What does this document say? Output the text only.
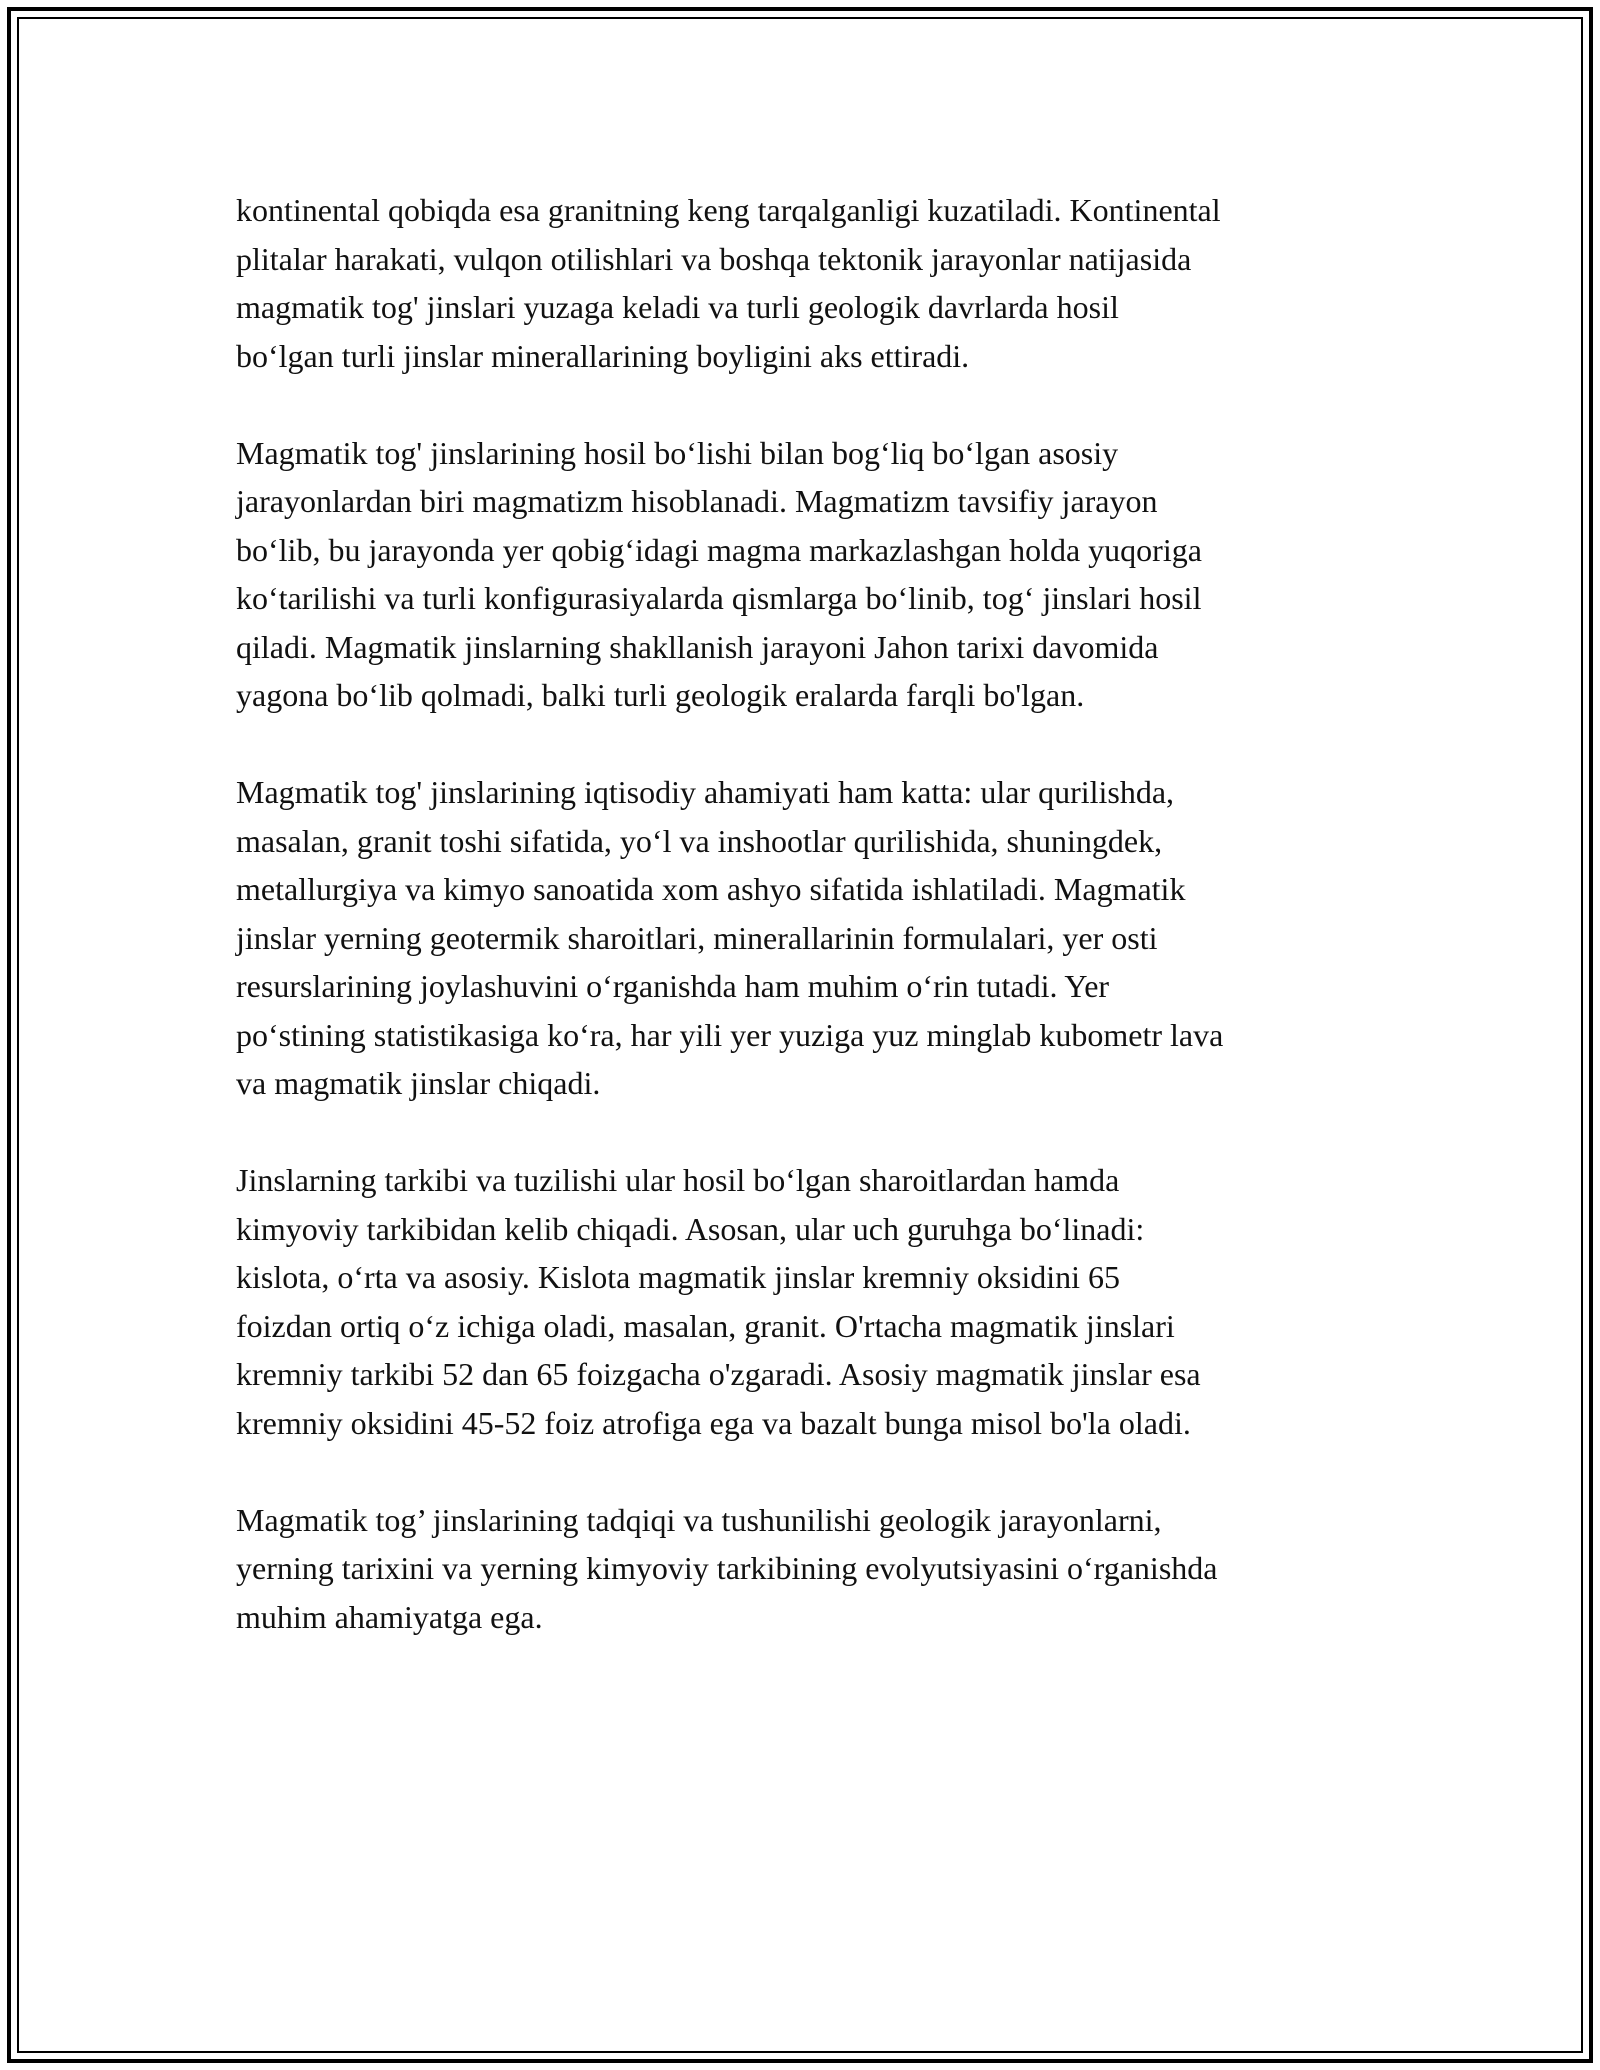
kontinental qobiqda esa granitning keng tarqalganligi kuzatiladi. Kontinental
plitalar harakati, vulqon otilishlari va boshqa tektonik jarayonlar natijasida
magmatik tog' jinslari yuzaga keladi va turli geologik davrlarda hosil
bo‘lgan turli jinslar minerallarining boyligini aks ettiradi.

Magmatik tog' jinslarining hosil bo‘lishi bilan bog‘liq bo‘lgan asosiy
jarayonlardan biri magmatizm hisoblanadi. Magmatizm tavsifiy jarayon
bo‘lib, bu jarayonda yer qobig‘idagi magma markazlashgan holda yuqoriga
ko‘tarilishi va turli konfigurasiyalarda qismlarga bo‘linib, tog‘ jinslari hosil
qiladi. Magmatik jinslarning shakllanish jarayoni Jahon tarixi davomida
yagona bo‘lib qolmadi, balki turli geologik eralarda farqli bo'lgan.

Magmatik tog' jinslarining iqtisodiy ahamiyati ham katta: ular qurilishda,
masalan, granit toshi sifatida, yo‘l va inshootlar qurilishida, shuningdek,
metallurgiya va kimyo sanoatida xom ashyo sifatida ishlatiladi. Magmatik
jinslar yerning geotermik sharoitlari, minerallarinin formulalari, yer osti
resurslarining joylashuvini o‘rganishda ham muhim o‘rin tutadi. Yer
po‘stining statistikasiga ko‘ra, har yili yer yuziga yuz minglab kubometr lava
va magmatik jinslar chiqadi.

Jinslarning tarkibi va tuzilishi ular hosil bo‘lgan sharoitlardan hamda
kimyoviy tarkibidan kelib chiqadi. Asosan, ular uch guruhga bo‘linadi:
kislota, o‘rta va asosiy. Kislota magmatik jinslar kremniy oksidini 65
foizdan ortiq o‘z ichiga oladi, masalan, granit. O'rtacha magmatik jinslari
kremniy tarkibi 52 dan 65 foizgacha o'zgaradi. Asosiy magmatik jinslar esa
kremniy oksidini 45-52 foiz atrofiga ega va bazalt bunga misol bo'la oladi.

Magmatik tog’ jinslarining tadqiqi va tushunilishi geologik jarayonlarni,
yerning tarixini va yerning kimyoviy tarkibining evolyutsiyasini o‘rganishda
muhim ahamiyatga ega.
